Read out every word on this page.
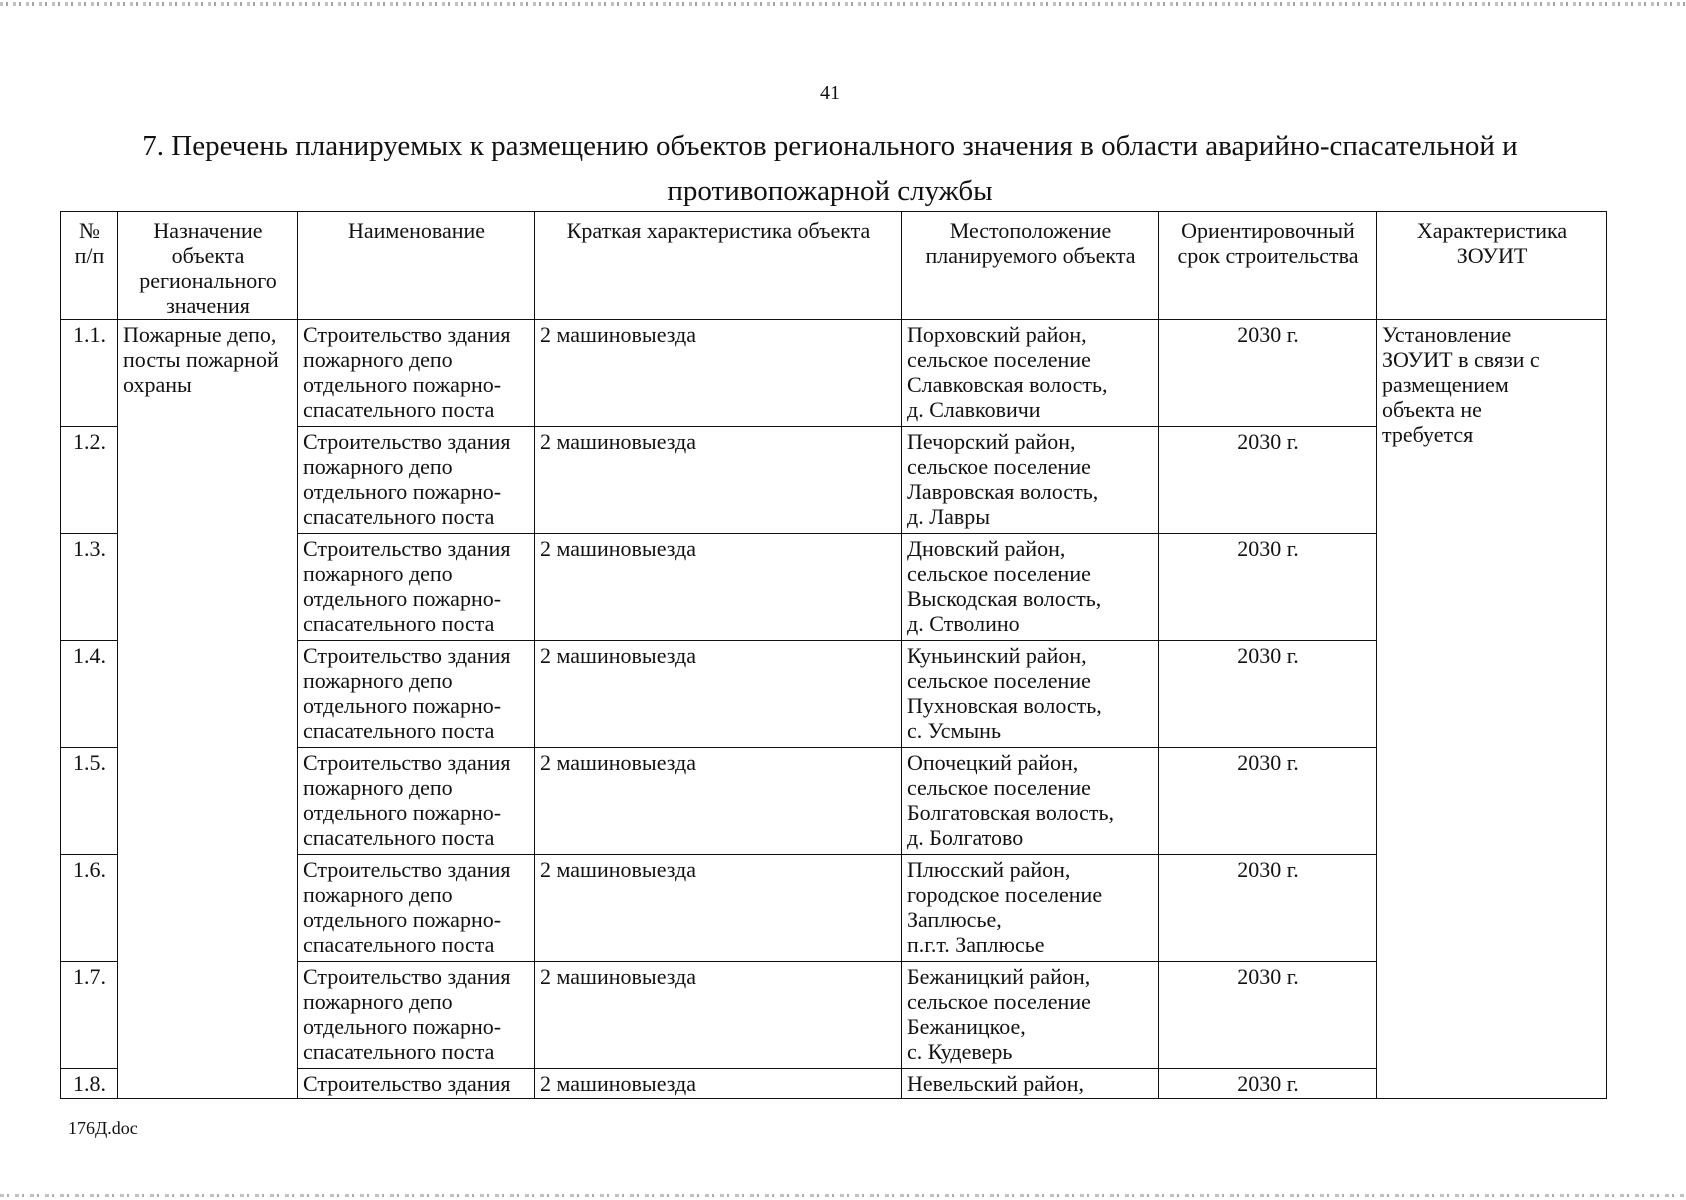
41
7. Перечень планируемых к размещению объектов регионального значения в области аварийно-спасательной и противопожарной службы
№
п/п	Назначение
объекта
регионального
значения	Наименование	Краткая характеристика объекта	Местоположение
планируемого объекта	Ориентировочный
срок строительства	Характеристика
ЗОУИТ

1.1.	Пожарные депо,
посты пожарной
охраны	Строительство здания
пожарного депо
отдельного пожарно-
спасательного поста	2 машиновыезда	Порховский район,
сельское поселение
Славковская волость,
д. Славковичи	2030 г.	Установление
ЗОУИТ в связи с
размещением
объекта не
требуется

1.2.		Строительство здания
пожарного депо
отдельного пожарно-
спасательного поста	2 машиновыезда	Печорский район,
сельское поселение
Лавровская волость,
д. Лавры	2030 г.	
1.3.		Строительство здания
пожарного депо
отдельного пожарно-
спасательного поста	2 машиновыезда	Дновский район,
сельское поселение
Выскодская волость,
д. Стволино	2030 г.	
1.4.		Строительство здания
пожарного депо
отдельного пожарно-
спасательного поста	2 машиновыезда	Куньинский район,
сельское поселение
Пухновская волость,
с. Усмынь	2030 г.	
1.5.		Строительство здания
пожарного депо
отдельного пожарно-
спасательного поста	2 машиновыезда	Опочецкий район,
сельское поселение
Болгатовская волость,
д. Болгатово	2030 г.	
1.6.		Строительство здания
пожарного депо
отдельного пожарно-
спасательного поста	2 машиновыезда	Плюсский район,
городское поселение
Заплюсье,
п.г.т. Заплюсье	2030 г.	
1.7.		Строительство здания
пожарного депо
отдельного пожарно-
спасательного поста	2 машиновыезда	Бежаницкий район,
сельское поселение
Бежаницкое,
с. Кудеверь	2030 г.	
1.8.		Строительство здания	2 машиновыезда	Невельский район,	2030 г.	
176Д.doc
